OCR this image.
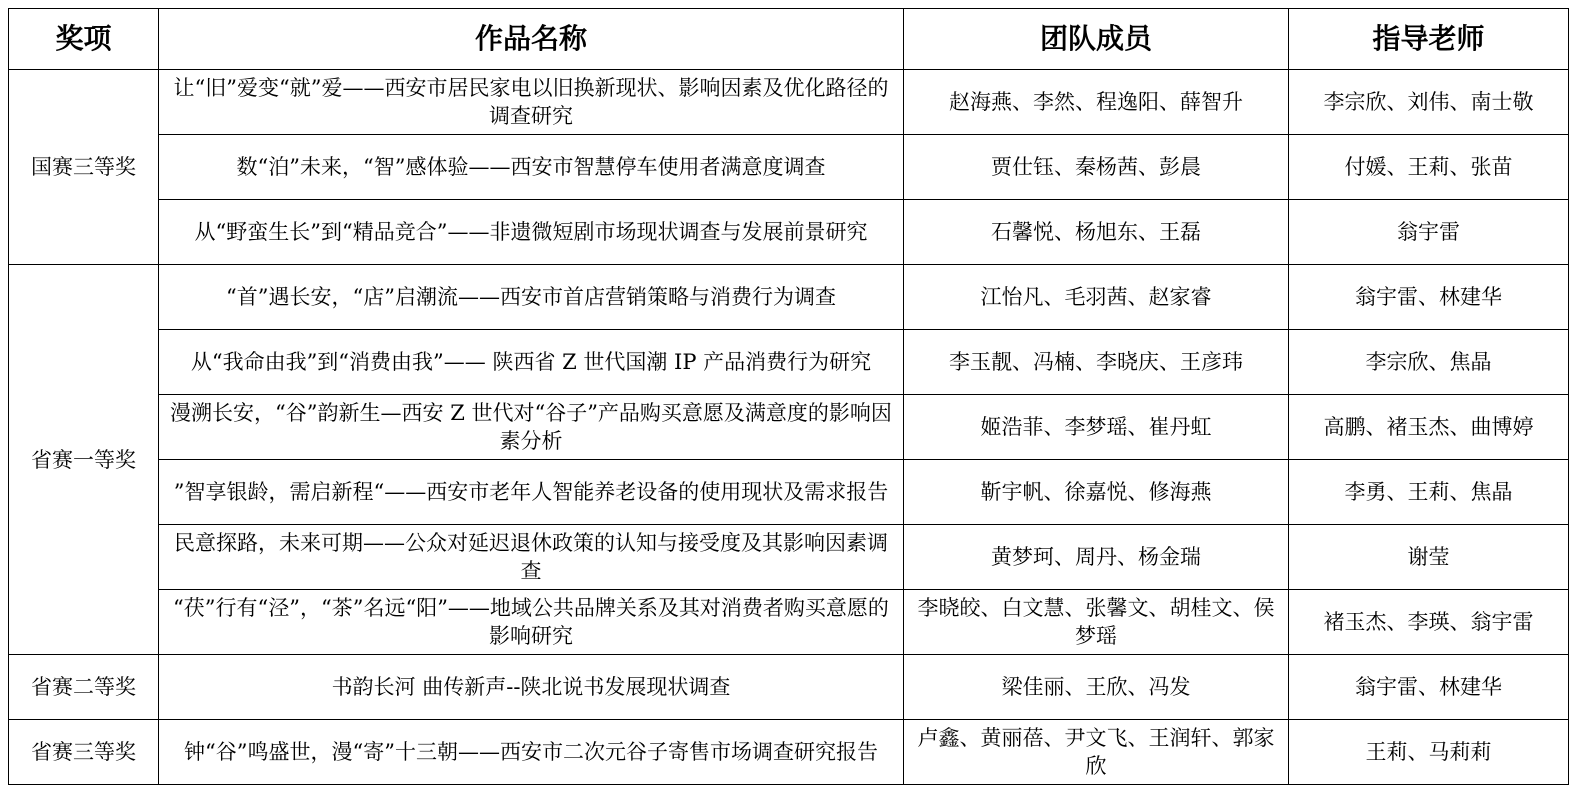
奖项	作品名称	团队成员	指导老师
国赛三等奖	让“旧”爱变“就”爱——西安市居民家电以旧换新现状、影响因素及优化路径的调查研究	赵海燕、李然、程逸阳、薛智升	李宗欣、刘伟、南士敬
	数“泊”未来，“智”感体验——西安市智慧停车使用者满意度调查	贾仕钰、秦杨茜、彭晨	付媛、王莉、张苗
	从“野蛮生长”到“精品竞合”——非遗微短剧市场现状调查与发展前景研究	石馨悦、杨旭东、王磊	翁宇雷
省赛一等奖	“首”遇长安，“店”启潮流——西安市首店营销策略与消费行为调查	江怡凡、毛羽茜、赵家睿	翁宇雷、林建华
	从“我命由我”到“消费由我”—— 陕西省 Z 世代国潮 IP 产品消费行为研究	李玉靓、冯楠、李晓庆、王彦玮	李宗欣、焦晶
	漫溯长安，“谷”韵新生—西安 Z 世代对“谷子”产品购买意愿及满意度的影响因素分析	姬浩菲、李梦瑶、崔丹虹	高鹏、褚玉杰、曲博婷
	”智享银龄，需启新程“——西安市老年人智能养老设备的使用现状及需求报告	靳宇帆、徐嘉悦、修海燕	李勇、王莉、焦晶
	民意探路，未来可期——公众对延迟退休政策的认知与接受度及其影响因素调查	黄梦珂、周丹、杨金瑞	谢莹
	“茯”行有“泾”，“茶”名远“阳”——地域公共品牌关系及其对消费者购买意愿的影响研究	李晓皎、白文慧、张馨文、胡桂文、侯梦瑶	褚玉杰、李瑛、翁宇雷
省赛二等奖	书韵长河 曲传新声--陕北说书发展现状调查	梁佳丽、王欣、冯发	翁宇雷、林建华
省赛三等奖	钟“谷”鸣盛世，漫“寄”十三朝——西安市二次元谷子寄售市场调查研究报告	卢鑫、黄丽蓓、尹文飞、王润轩、郭家欣	王莉、马莉莉
